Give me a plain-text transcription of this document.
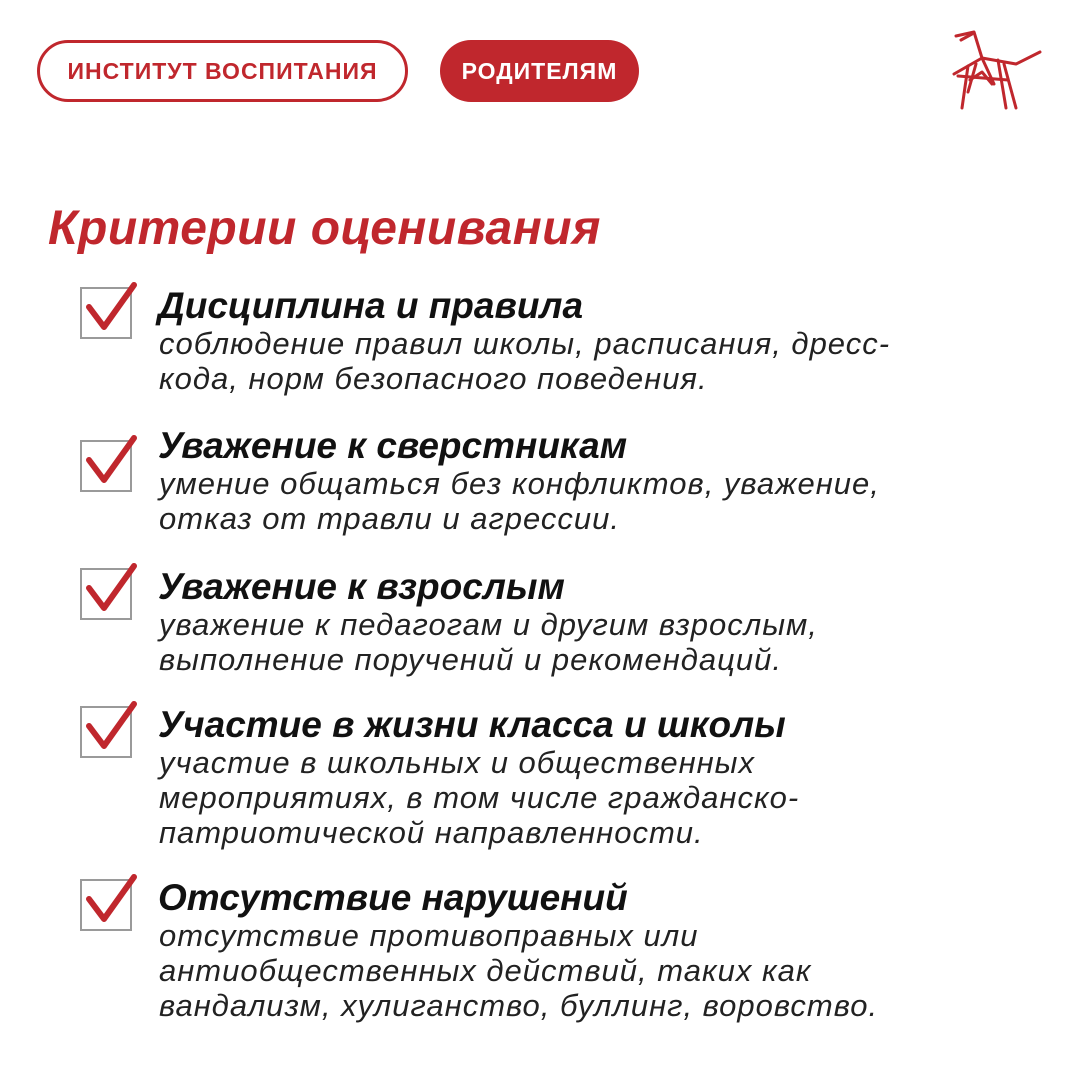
ИНСТИТУТ ВОСПИТАНИЯ	РОДИТЕЛЯМ
Критерии оценивания
Дисциплина и правила
соблюдение правил школы, расписания, дресс-
кода, норм безопасного поведения.
Уважение к сверстникам
умение общаться без конфликтов, уважение,
отказ от травли и агрессии.
Уважение к взрослым
уважение к педагогам и другим взрослым,
выполнение поручений и рекомендаций.
Участие в жизни класса и школы
участие в школьных и общественных
мероприятиях, в том числе гражданско-
патриотической направленности.
Отсутствие нарушений
отсутствие противоправных или
антиобщественных действий, таких как
вандализм, хулиганство, буллинг, воровство.
